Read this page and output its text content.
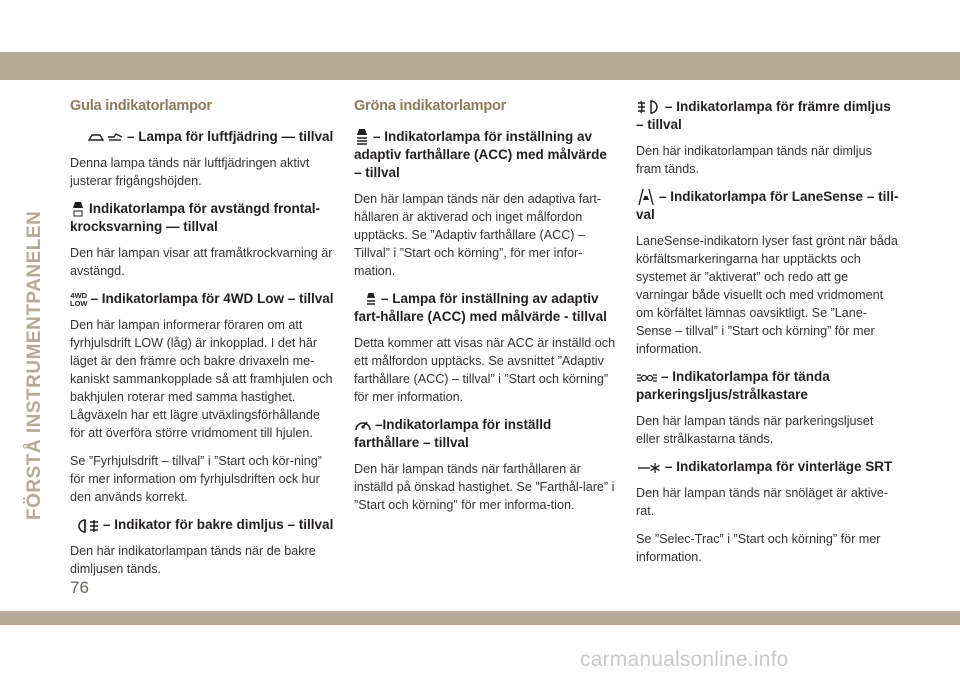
FÖRSTÅ INSTRUMENTPANELEN
Gula indikatorlampor
– Lampa för luftfjädring — tillval
Denna lampa tänds när luftfjädringen aktivt justerar frigångshöjden.
Indikatorlampa för avstängd frontal-krocksvarning — tillval
Den här lampan visar att framåtkrockvarning är avstängd.
4WD
LOW – Indikatorlampa för 4WD Low – tillval
Den här lampan informerar föraren om att fyrhjulsdrift LOW (låg) är inkopplad. I det här läget är den främre och bakre drivaxeln me-kaniskt sammankopplade så att framhjulen och bakhjulen roterar med samma hastighet. Lågväxeln har ett lägre utväxlingsförhållande för att överföra större vridmoment till hjulen.
Se ”Fyrhjulsdrift – tillval” i ”Start och kör-ning” för mer information om fyrhjulsdriften ock hur den används korrekt.
– Indikator för bakre dimljus – tillval
Den här indikatorlampan tänds när de bakre dimljusen tänds.
Gröna indikatorlampor
– Indikatorlampa för inställning av adaptiv farthållare (ACC) med målvärde – tillval
Den här lampan tänds när den adaptiva fart-hållaren är aktiverad och inget målfordon upptäcks. Se ”Adaptiv farthållare (ACC) – Tillval” i ”Start och körning”, för mer infor-mation.
– Lampa för inställning av adaptiv fart-hållare (ACC) med målvärde - tillval
Detta kommer att visas när ACC är inställd och ett målfordon upptäcks. Se avsnittet ”Adaptiv farthållare (ACC) – tillval” i ”Start och körning” för mer information.
–Indikatorlampa för inställd farthållare – tillval
Den här lampan tänds när farthållaren är inställd på önskad hastighet. Se ”Farthål-lare” i ”Start och körning” för mer informa-tion.
– Indikatorlampa för främre dimljus – tillval
Den här indikatorlampan tänds när dimljus fram tänds.
– Indikatorlampa för LaneSense – till-val
LaneSense-indikatorn lyser fast grönt när båda körfältsmarkeringarna har upptäckts och systemet är ”aktiverat” och redo att ge varningar både visuellt och med vridmoment om körfältet lämnas oavsiktligt. Se ”Lane-Sense – tillval” i ”Start och körning” för mer information.
– Indikatorlampa för tända parkeringsljus/strålkastare
Den här lampan tänds när parkeringsljuset eller strålkastarna tänds.
– Indikatorlampa för vinterläge SRT
Den här lampan tänds när snöläget är aktive-rat.
Se ”Selec-Trac” i ”Start och körning” för mer information.
76
carmanualsonline.info
